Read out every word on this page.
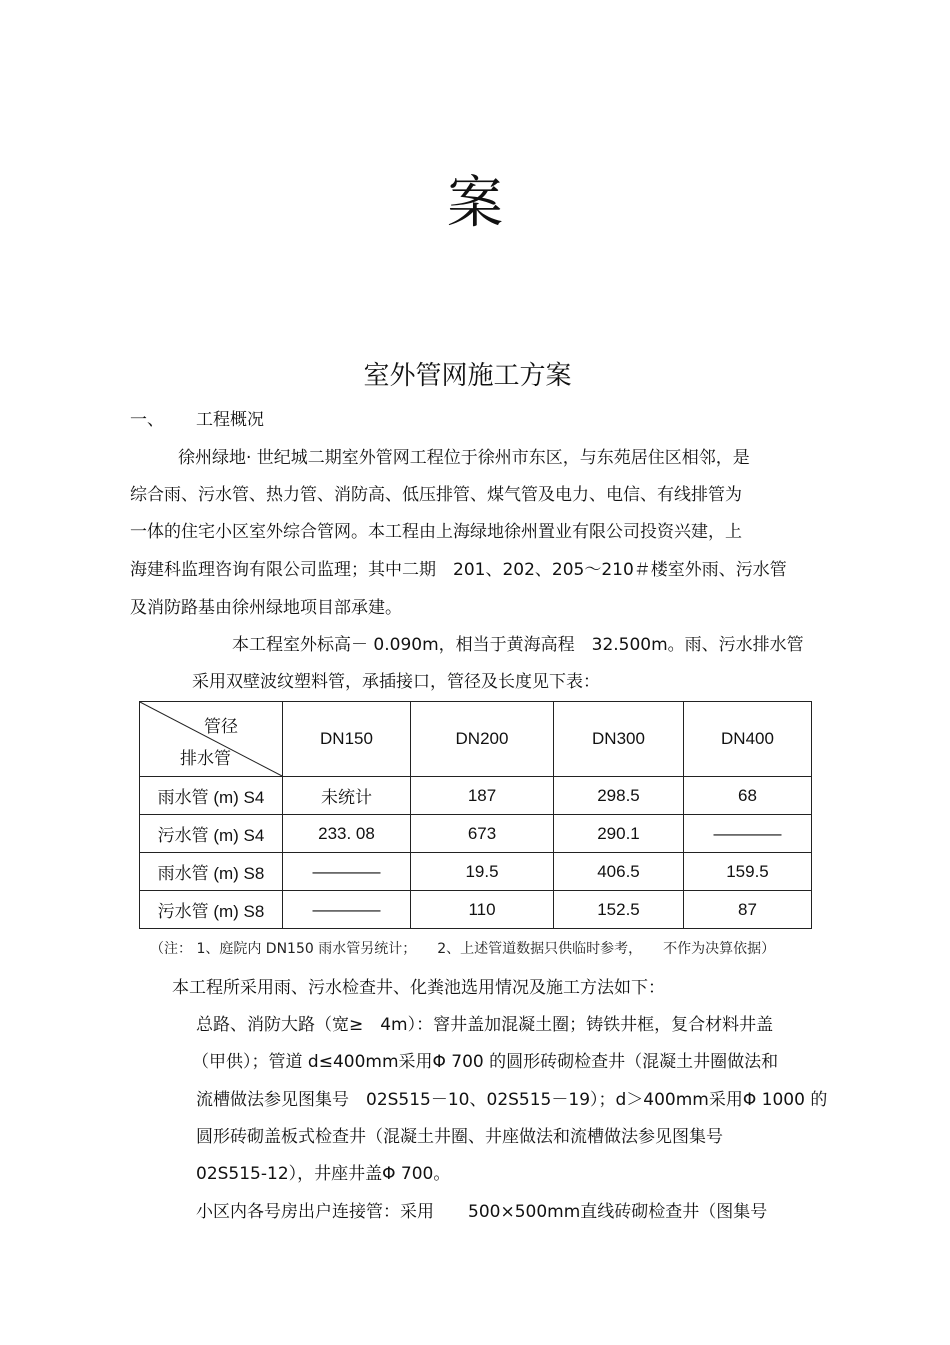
案
室外管网施工方案
一、 工程概况
徐州绿地· 世纪城二期室外管网工程位于徐州市东区，与东苑居住区相邻，是
综合雨、污水管、热力管、消防高、低压排管、煤气管及电力、电信、有线排管为
一体的住宅小区室外综合管网。本工程由上海绿地徐州置业有限公司投资兴建，上
海建科监理咨询有限公司监理；其中二期　201、202、205～210＃楼室外雨、污水管
及消防路基由徐州绿地项目部承建。
本工程室外标高－ 0.090m，相当于黄海高程　32.500m。雨、污水排水管
采用双壁波纹塑料管，承插接口，管径及长度见下表：
管径
排水管	DN150	DN200	DN300	DN400
雨水管 (m) S4	未统计	187	298.5	68
污水管 (m) S4	233. 08	673	290.1	————
雨水管 (m) S8	————	19.5	406.5	159.5
污水管 (m) S8	————	110	152.5	87
（注： 1、庭院内 DN150 雨水管另统计；　　2、上述管道数据只供临时参考，　　不作为决算依据）
本工程所采用雨、污水检查井、化粪池选用情况及施工方法如下：
总路、消防大路（宽≥　4m）：窨井盖加混凝土圈；铸铁井框，复合材料井盖
（甲供）；管道 d≤400mm采用Φ 700 的圆形砖砌检查井（混凝土井圈做法和
流槽做法参见图集号　02S515－10、02S515－19）；d＞400mm采用Φ 1000 的
圆形砖砌盖板式检查井（混凝土井圈、井座做法和流槽做法参见图集号
02S515-12），井座井盖Φ 700。
小区内各号房出户连接管：采用　　500×500mm直线砖砌检查井（图集号
